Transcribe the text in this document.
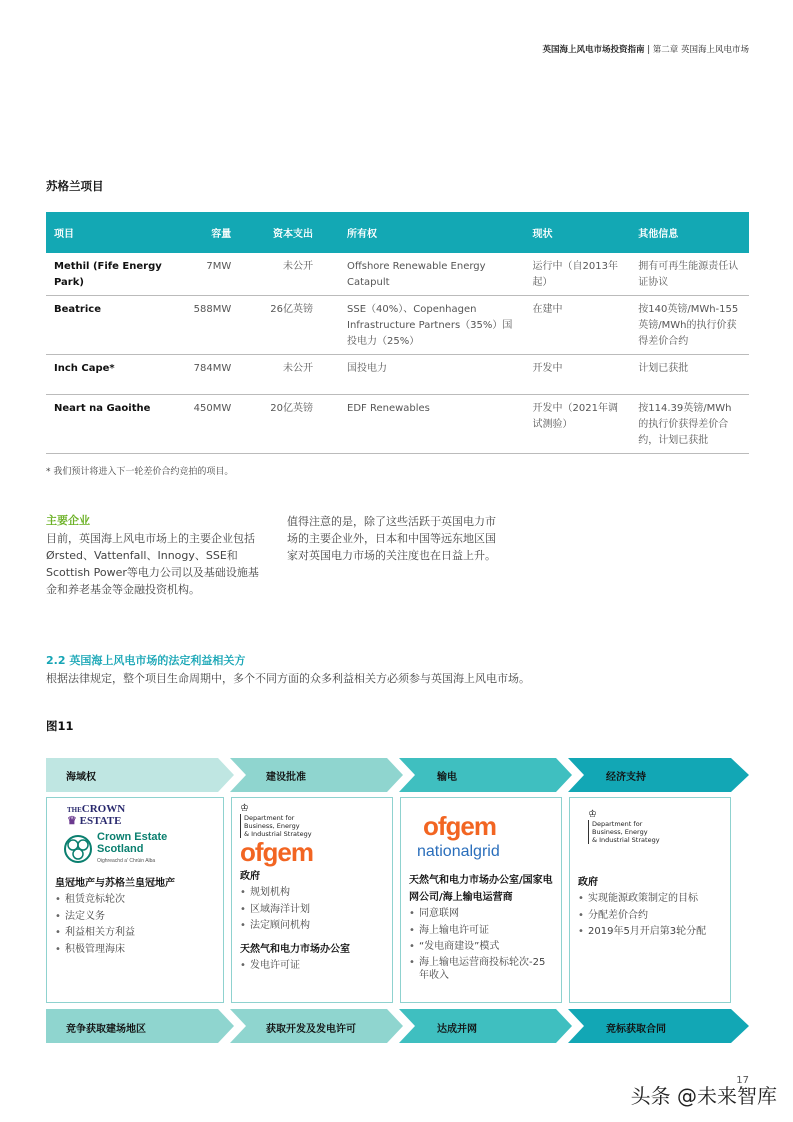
英国海上风电市场投资指南 | 第二章 英国海上风电市场
苏格兰项目
项目	容量	资本支出	所有权	现状	其他信息
Methil (Fife Energy Park)	7MW	未公开	Offshore Renewable Energy Catapult	运行中（自2013年起）	拥有可再生能源责任认证协议
Beatrice	588MW	26亿英镑	SSE（40%）、Copenhagen Infrastructure Partners（35%）国投电力（25%）	在建中	按140英镑/MWh-155英镑/MWh的执行价获得差价合约
Inch Cape*	784MW	未公开	国投电力	开发中	计划已获批
Neart na Gaoithe	450MW	20亿英镑	EDF Renewables	开发中（2021年调试测验）	按114.39英镑/MWh的执行价获得差价合约，计划已获批
* 我们预计将进入下一轮差价合约竞拍的项目。
主要企业
目前，英国海上风电市场上的主要企业包括Ørsted、Vattenfall、Innogy、SSE和Scottish Power等电力公司以及基础设施基金和养老基金等金融投资机构。
值得注意的是，除了这些活跃于英国电力市场的主要企业外，日本和中国等远东地区国家对英国电力市场的关注度也在日益上升。
2.2 英国海上风电市场的法定利益相关方
根据法律规定，整个项目生命周期中，多个不同方面的众多利益相关方必须参与英国海上风电市场。
图11
海域权	建设批准	输电	经济支持
THECROWN
♛ ESTATE
Crown Estate
Scotland
Oighreachd a' Chrùin Alba
皇冠地产与苏格兰皇冠地产
• 租赁竞标轮次
• 法定义务
• 利益相关方利益
• 积极管理海床
♔
Department for
Business, Energy
& Industrial Strategy
ofgem
政府
• 规划机构
• 区域海洋计划
• 法定顾问机构
天然气和电力市场办公室
• 发电许可证
ofgem
nationalgrid
天然气和电力市场办公室/国家电网公司/海上输电运营商
• 同意联网
• 海上输电许可证
• “发电商建设”模式
• 海上输电运营商投标轮次-25年收入
♔
Department for
Business, Energy
& Industrial Strategy
政府
• 实现能源政策制定的目标
• 分配差价合约
• 2019年5月开启第3轮分配
竞争获取建场地区	获取开发及发电许可	达成并网	竞标获取合同
17
头条 @未来智库
